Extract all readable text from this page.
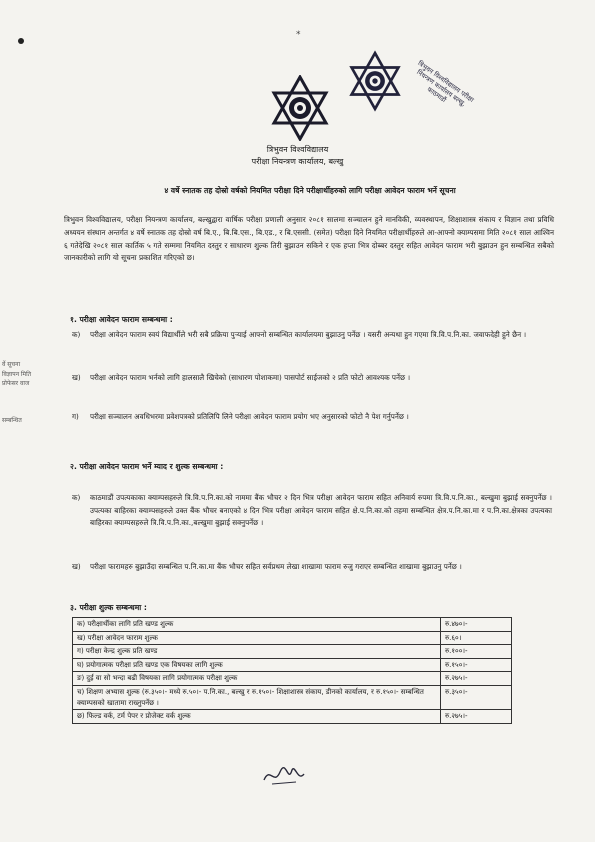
*
त्रिभुवन विश्वविद्यालय परीक्षा नियन्त्रण कार्यालय बल्खु, काठमाडौं
त्रिभुवन विश्वविद्यालय
परीक्षा नियन्त्रण कार्यालय, बल्खु
४ वर्षे स्नातक तह दोस्रो वर्षको नियमित परीक्षा दिने परीक्षार्थीहरुको लागि परीक्षा आवेदन फाराम भर्ने सूचना
त्रिभुवन विश्वविद्यालय, परीक्षा नियन्त्रण कार्यालय, बल्खुद्वारा वार्षिक परीक्षा प्रणाली अनुसार २०८१ सालमा सञ्चालन हुने मानविकी, व्यवस्थापन, शिक्षाशास्त्र संकाय र विज्ञान तथा प्रविधि अध्ययन संस्थान अन्तर्गत ४ वर्षे स्नातक तह दोस्रो वर्ष बि.ए., बि.बि.एस., बि.एड., र बि.एससी. (समेत) परीक्षा दिने नियमित परीक्षार्थीहरुले आ-आफ्नो क्याम्पसमा मिति २०८१ साल आश्विन ६ गतेदेखि २०८१ साल कार्तिक ५ गते सम्ममा नियमित दस्तुर र साधारण शुल्क तिरी बुझाउन सकिने र एक हप्ता भित्र दोब्बर दस्तुर सहित आवेदन फाराम भरी बुझाउन हुन सम्बन्धित सबैको जानकारीको लागि यो सूचना प्रकाशित गरिएको छ।
१. परीक्षा आवेदन फाराम सम्बन्धमा :
क)	परीक्षा आवेदन फाराम स्वयं विद्यार्थीले भरी सबै प्रक्रिया पुऱ्याई आफ्नो सम्बन्धित कार्यालयमा बुझाउनु पर्नेछ । यसरी अन्यथा हुन गएमा त्रि.वि.प.नि.का. जवाफदेही हुने छैन ।
ख)	परीक्षा आवेदन फाराम भर्नको लागि हालसालै खिचेको (साधारण पोशाकमा) पासपोर्ट साईजको २ प्रति फोटो आवश्यक पर्नेछ ।
ग)	परीक्षा सञ्चालन अवधिभरमा प्रवेशपत्रको प्रतिलिपि लिने परीक्षा आवेदन फाराम प्रयोग भए अनुसारको फोटो नै पेश गर्नुपर्नेछ ।
२. परीक्षा आवेदन फाराम भर्ने म्याद र शुल्क सम्बन्धमा :
क)	काठमाडौं उपत्यकाका क्याम्पसहरुले त्रि.वि.प.नि.का.को नाममा बैंक भौचर २ दिन भित्र परीक्षा आवेदन फाराम सहित अनिवार्य रुपमा त्रि.वि.प.नि.का., बल्खुमा बुझाई सक्नुपर्नेछ । उपत्यका बाहिरका क्याम्पसहरुले उक्त बैंक भौचर बनाएको ४ दिन भित्र परीक्षा आवेदन फाराम सहित क्षे.प.नि.का.को तहमा सम्बन्धित क्षेत्र.प.नि.का.मा र प.नि.का.क्षेत्रका उपत्यका बाहिरका क्याम्पसहरुले त्रि.वि.प.नि.का.,बल्खुमा बुझाई सक्नुपर्नेछ ।
ख)	परीक्षा फारामहरु बुझाउँदा सम्बन्धित प.नि.का.मा बैंक भौचर सहित सर्वप्रथम लेखा शाखामा फाराम रुजु गराएर सम्बन्धित शाखामा बुझाउनु पर्नेछ ।
र्वे सूचना
विज्ञापन मिति
प्रोफेसर वाज
सम्बन्धित
३. परीक्षा शुल्क सम्बन्धमा :
क) परीक्षार्थीका लागि प्रति खण्ड शुल्क	रु.४७०।-
ख) परीक्षा आवेदन फाराम शुल्क	रु.६०।
ग) परीक्षा केन्द्र शुल्क प्रति खण्ड	रु.१००।-
घ) प्रयोगात्मक परीक्षा प्रति खण्ड एक विषयका लागि शुल्क	रु.१५०।-
ङ) दुई वा सो भन्दा बढी विषयका लागि प्रयोगात्मक परीक्षा शुल्क	रु.२७५।-
च) शिक्षण अभ्यास शुल्क (रु.३५०।- मध्ये रु.५०।- प.नि.का., बल्खु र रु.१५०।- शिक्षाशास्त्र संकाय, डीनको कार्यालय, र रु.१५०।- सम्बन्धित क्याम्पसको खातामा राख्नुपर्नेछ ।	रु.३५०।-
छ) फिल्ड वर्क, टर्म पेपर र प्रोजेक्ट वर्क शुल्क	रु.२७५।-
